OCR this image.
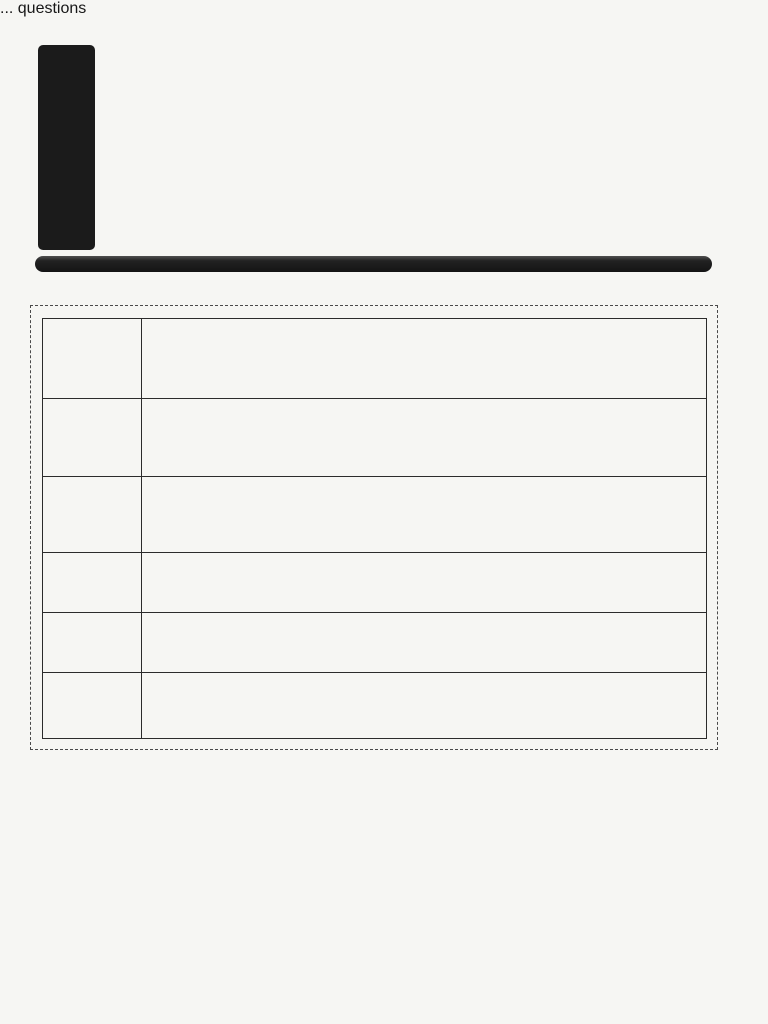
... questions
